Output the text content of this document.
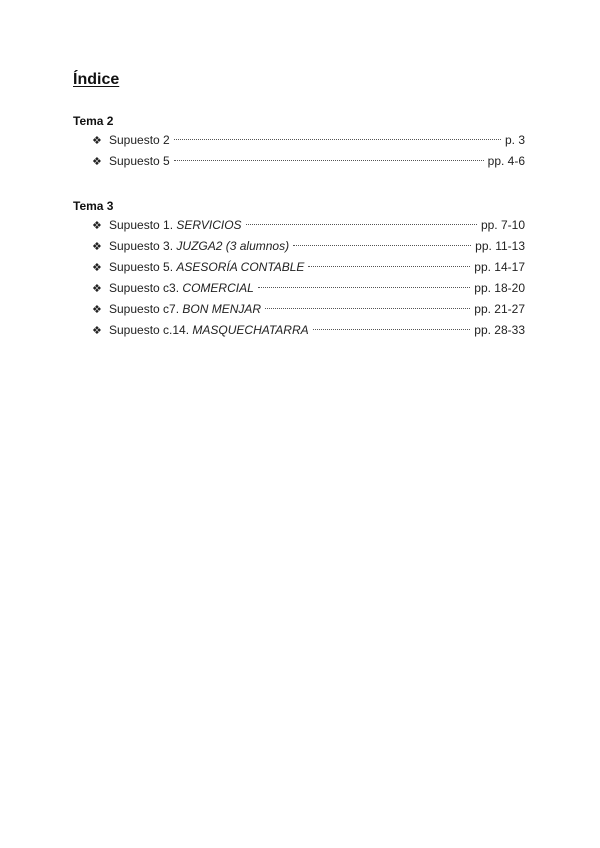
Índice
Tema 2
❖ Supuesto 2	p. 3
❖ Supuesto 5	pp. 4-6
Tema 3
❖ Supuesto 1. SERVICIOS	pp. 7-10
❖ Supuesto 3. JUZGA2 (3 alumnos)	pp. 11-13
❖ Supuesto 5. ASESORÍA CONTABLE	pp. 14-17
❖ Supuesto c3. COMERCIAL	pp. 18-20
❖ Supuesto c7. BON MENJAR	pp. 21-27
❖ Supuesto c.14. MASQUECHATARRA	pp. 28-33
